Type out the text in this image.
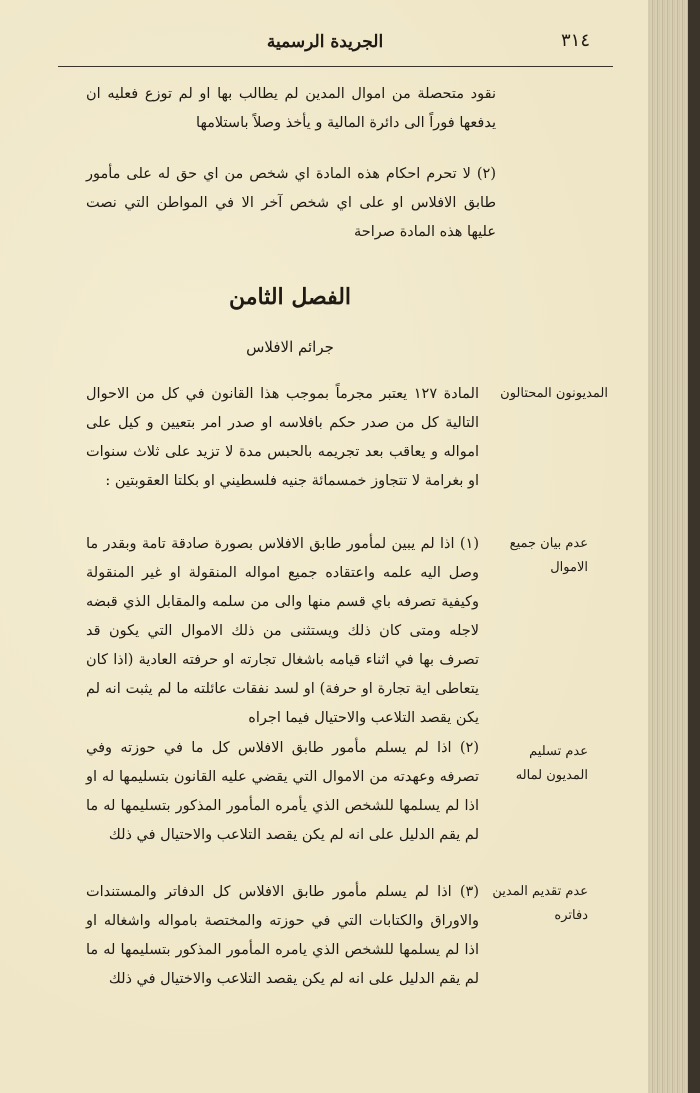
الجريدة الرسمية	٣١٤
نقود متحصلة من اموال المدين لم يطالب بها او لم توزع فعليه ان يدفعها فوراً الى دائرة المالية و يأخذ وصلاً باستلامها
(٢) لا تحرم احكام هذه المادة اي شخص من اي حق له على مأمور طابق الافلاس او على اي شخص آخر الا في المواطن التي نصت عليها هذه المادة صراحة
الفصل الثامن
جرائم الافلاس
المديونون المحتالون
المادة ١٢٧ يعتبر مجرماً بموجب هذا القانون في كل من الاحوال التالية كل من صدر حكم بافلاسه او صدر امر بتعيين و كيل على امواله و يعاقب بعد تجريمه بالحبس مدة لا تزيد على ثلاث سنوات او بغرامة لا تتجاوز خمسمائة جنيه فلسطيني او بكلتا العقوبتين :
عدم بيان جميع الاموال
(١) اذا لم يبين لمأمور طابق الافلاس بصورة صادقة تامة وبقدر ما وصل اليه علمه واعتقاده جميع امواله المنقولة او غير المنقولة وكيفية تصرفه باي قسم منها والى من سلمه والمقابل الذي قبضه لاجله ومتى كان ذلك ويستثنى من ذلك الاموال التي يكون قد تصرف بها في اثناء قيامه باشغال تجارته او حرفته العادية (اذا كان يتعاطى اية تجارة او حرفة) او لسد نفقات عائلته ما لم يثبت انه لم يكن يقصد التلاعب والاحتيال فيما اجراه
عدم تسليم المديون لماله
(٢) اذا لم يسلم مأمور طابق الافلاس كل ما في حوزته وفي تصرفه وعهدته من الاموال التي يقضي عليه القانون بتسليمها له او اذا لم يسلمها للشخص الذي يأمره المأمور المذكور بتسليمها له ما لم يقم الدليل على انه لم يكن يقصد التلاعب والاحتيال في ذلك
عدم تقديم المدين دفاتره
(٣) اذا لم يسلم مأمور طابق الافلاس كل الدفاتر والمستندات والاوراق والكتابات التي في حوزته والمختصة بامواله واشغاله او اذا لم يسلمها للشخص الذي يامره المأمور المذكور بتسليمها له ما لم يقم الدليل على انه لم يكن يقصد التلاعب والاختيال في ذلك
